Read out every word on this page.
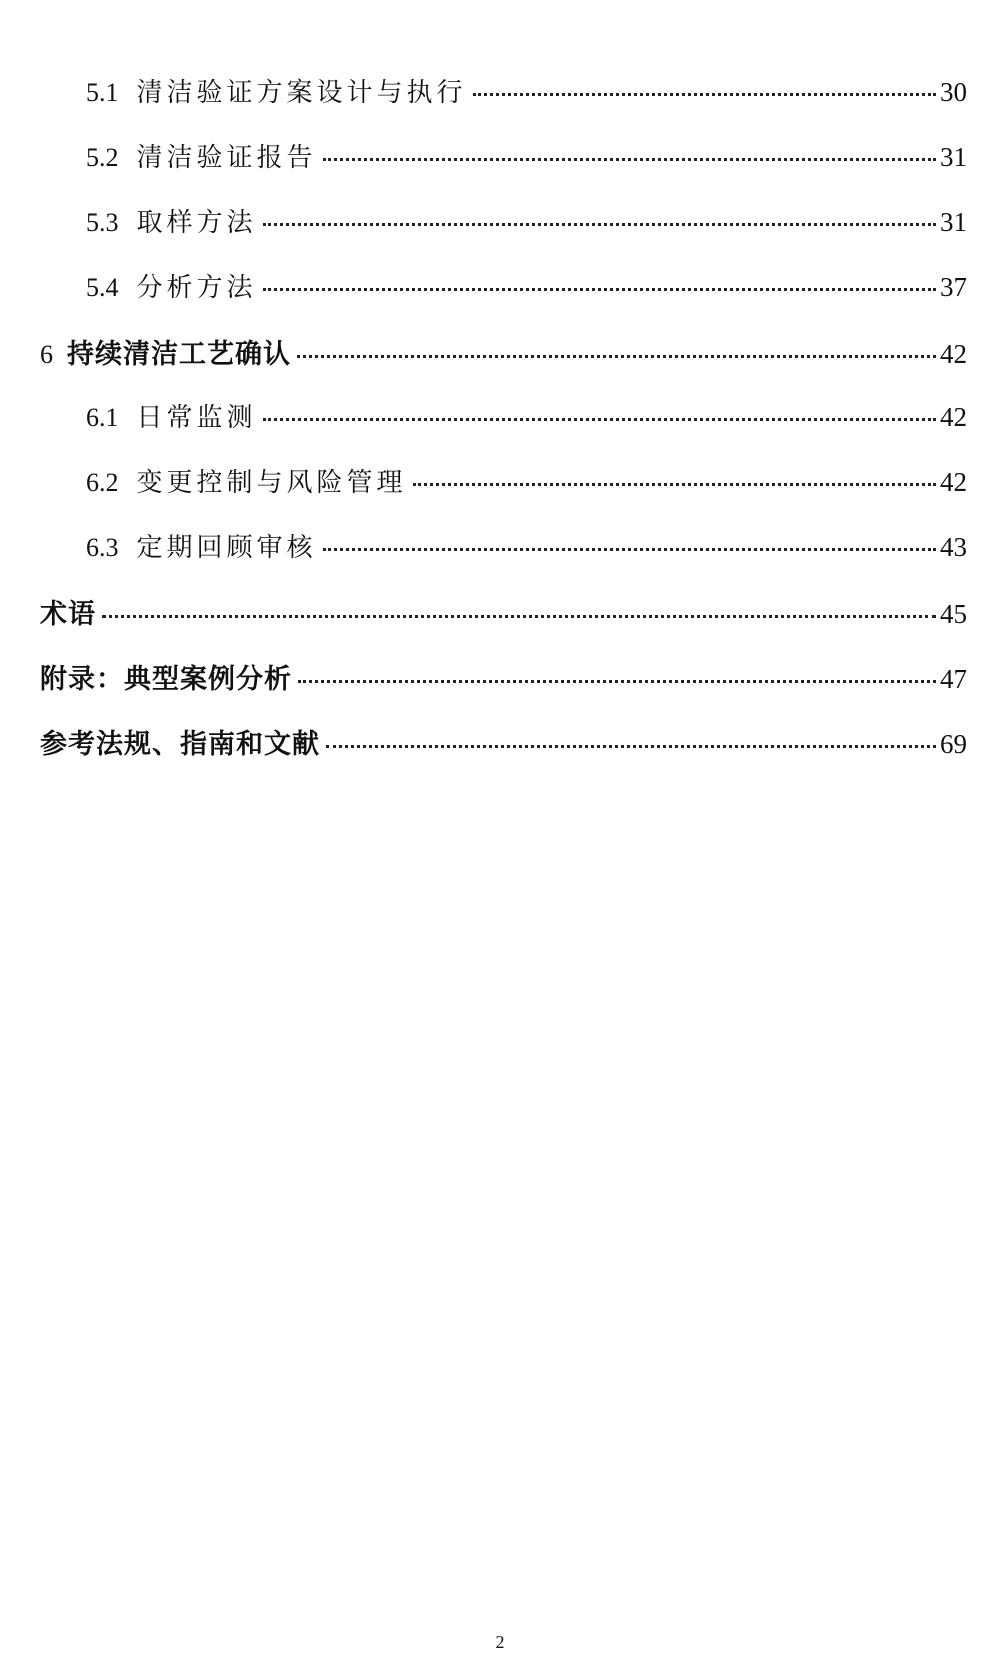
5.1 清洁验证方案设计与执行	30
5.2 清洁验证报告	31
5.3 取样方法	31
5.4 分析方法	37
6 持续清洁工艺确认	42
6.1 日常监测	42
6.2 变更控制与风险管理	42
6.3 定期回顾审核	43
术语	45
附录：典型案例分析	47
参考法规、指南和文献	69
2
